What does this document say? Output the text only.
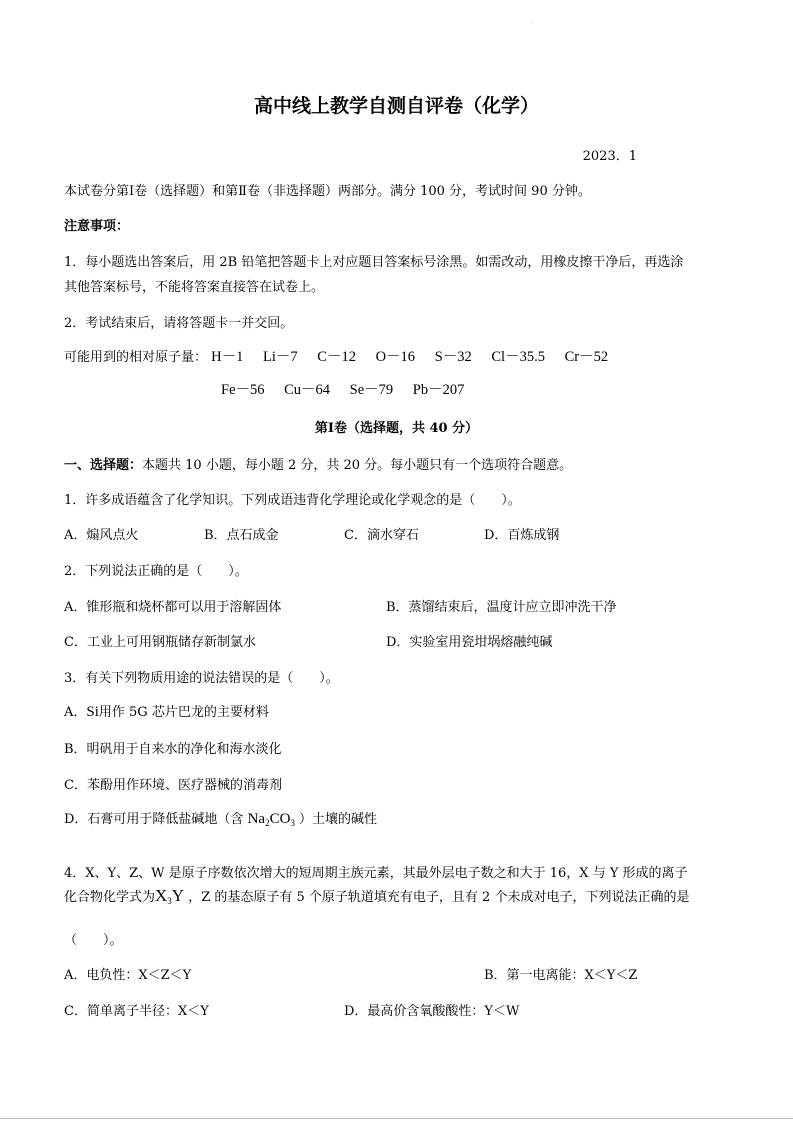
·
高中线上教学自测自评卷（化学）
2023．1
本试卷分第Ⅰ卷（选择题）和第Ⅱ卷（非选择题）两部分。满分 100 分，考试时间 90 分钟。
注意事项：
1．每小题选出答案后，用 2B 铅笔把答题卡上对应题目答案标号涂黑。如需改动，用橡皮擦干净后，再选涂
其他答案标号，不能将答案直接答在试卷上。
2．考试结束后，请将答题卡一并交回。
可能用到的相对原子量： H－1 Li－7 C－12 O－16 S－32 Cl－35.5 Cr－52
Fe－56 Cu－64 Se－79 Pb－207
第Ⅰ卷（选择题，共 40 分）
一、选择题：本题共 10 小题，每小题 2 分，共 20 分。每小题只有一个选项符合题意。
1．许多成语蕴含了化学知识。下列成语违背化学理论或化学观念的是（　　）。
A．煽风点火	B．点石成金	C．滴水穿石	D．百炼成钢
2．下列说法正确的是（　　）。
A．锥形瓶和烧杯都可以用于溶解固体	B．蒸馏结束后，温度计应立即冲洗干净
C．工业上可用钢瓶储存新制氯水	D．实验室用瓷坩埚熔融纯碱
3．有关下列物质用途的说法错误的是（　　）。
A．Si用作 5G 芯片巴龙的主要材料
B．明矾用于自来水的净化和海水淡化
C．苯酚用作环境、医疗器械的消毒剂
D．石膏可用于降低盐碱地（含 $Na_2CO_3$ ）土壤的碱性
4．X、Y、Z、W 是原子序数依次增大的短周期主族元素，其最外层电子数之和大于 16，X 与 Y 形成的离子
化合物化学式为$X_3Y$ ，Z 的基态原子有 5 个原子轨道填充有电子，且有 2 个未成对电子，下列说法正确的是
（　　）。
A．电负性：X＜Z＜Y	B．第一电离能：X＜Y＜Z
C．简单离子半径：X＜Y	D．最高价含氧酸酸性：Y＜W
